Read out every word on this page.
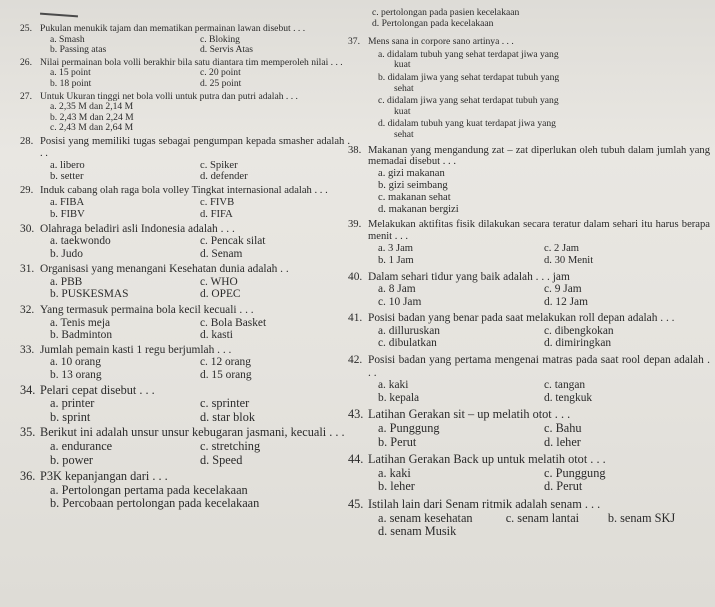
25. Pukulan menukik tajam dan mematikan permainan lawan disebut . . .
a. Smash	c. Bloking
b. Passing atas	d. Servis Atas
26. Nilai permainan bola volli berakhir bila satu diantara tim memperoleh nilai . . .
a. 15 point	c. 20 point
b. 18 point	d. 25 point
27. Untuk Ukuran tinggi net bola volli untuk putra dan putri adalah . . .
a. 2,35 M dan 2,14 M
b. 2,43 M dan 2,24 M
c. 2,43 M dan 2,64 M
28. Posisi yang memiliki tugas sebagai pengumpan kepada smasher adalah . . .
a. libero	c. Spiker
b. setter	d. defender
29. Induk cabang olah raga bola volley Tingkat internasional adalah . . .
a. FIBA	c. FIVB
b. FIBV	d. FIFA
30. Olahraga beladiri asli Indonesia adalah . . .
a. taekwondo	c. Pencak silat
b. Judo	d. Senam
31. Organisasi yang menangani Kesehatan dunia adalah . .
a. PBB	c. WHO
b. PUSKESMAS	d. OPEC
32. Yang termasuk permaina bola kecil kecuali . . .
a. Tenis meja	c. Bola Basket
b. Badminton	d. kasti
33. Jumlah pemain kasti 1 regu berjumlah . . .
a. 10 orang	c. 12 orang
b. 13 orang	d. 15 orang
34. Pelari cepat disebut . . .
a. printer	c. sprinter
b. sprint	d. star blok
35. Berikut ini adalah unsur unsur kebugaran jasmani, kecuali . . .
a. endurance	c. stretching
b. power	d. Speed
36. P3K kepanjangan dari . . .
a. Pertolongan pertama pada kecelakaan
b. Percobaan pertolongan pada kecelakaan
c. pertolongan pada pasien kecelakaan
d. Pertolongan pada kecelakaan
37. Mens sana in corpore sano artinya . . .
a. didalam tubuh yang sehat terdapat jiwa yang
kuat
b. didalam jiwa yang sehat terdapat tubuh yang
sehat
c. didalam jiwa yang sehat terdapat tubuh yang
kuat
d. didalam tubuh yang kuat terdapat jiwa yang
sehat
38. Makanan yang mengandung zat – zat diperlukan oleh tubuh dalam jumlah yang memadai disebut . . .
a. gizi makanan
b. gizi seimbang
c. makanan sehat
d. makanan bergizi
39. Melakukan aktifitas fisik dilakukan secara teratur dalam sehari itu harus berapa menit . . .
a. 3 Jam	c. 2 Jam
b. 1 Jam	d. 30 Menit
40. Dalam sehari tidur yang baik adalah . . . jam
a. 8 Jam	c. 9 Jam
c. 10 Jam	d. 12 Jam
41. Posisi badan yang benar pada saat melakukan roll depan adalah . . .
a. dilluruskan	c. dibengkokan
c. dibulatkan	d. dimiringkan
42. Posisi badan yang pertama mengenai matras pada saat rool depan adalah . . .
a. kaki	c. tangan
b. kepala	d. tengkuk
43. Latihan Gerakan sit – up melatih otot . . .
a. Punggung	c. Bahu
b. Perut	d. leher
44. Latihan Gerakan Back up untuk melatih otot . . .
a. kaki	c. Punggung
b. leher	d. Perut
45. Istilah lain dari Senam ritmik adalah senam . . .
a. senam kesehatan	c. senam lantai	b. senam SKJ
d. senam Musik
